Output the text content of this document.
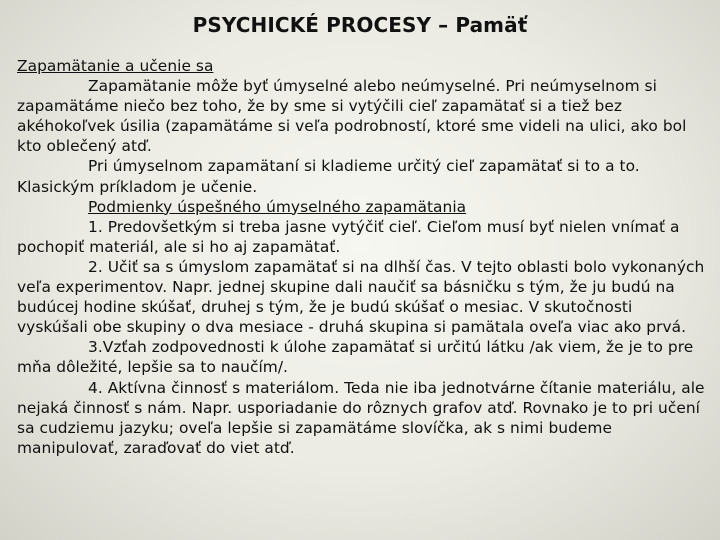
PSYCHICKÉ PROCESY – Pamäť

Zapamätanie a učenie sa

Zapamätanie môže byť úmyselné alebo neúmyselné. Pri neúmyselnom si zapamätáme niečo bez toho, že by sme si vytýčili cieľ zapamätať si a tiež bez akéhokoľvek úsilia (zapamätáme si veľa podrobností, ktoré sme videli na ulici, ako bol kto oblečený atď.

Pri úmyselnom zapamätaní si kladieme určitý cieľ zapamätať si to a to. Klasickým príkladom je učenie.

Podmienky úspešného úmyselného zapamätania

1. Predovšetkým si treba jasne vytýčiť cieľ. Cieľom musí byť nielen vnímať a pochopiť materiál, ale si ho aj zapamätať.

2. Učiť sa s úmyslom zapamätať si na dlhší čas. V tejto oblasti bolo vykonaných veľa experimentov. Napr. jednej skupine dali naučiť sa básničku s tým, že ju budú na budúcej hodine skúšať, druhej s tým, že je budú skúšať o mesiac. V skutočnosti vyskúšali obe skupiny o dva mesiace - druhá skupina si pamätala oveľa viac ako prvá.

3.Vzťah zodpovednosti k úlohe zapamätať si určitú látku /ak viem, že je to pre mňa dôležité, lepšie sa to naučím/.

4. Aktívna činnosť s materiálom. Teda nie iba jednotvárne čítanie materiálu, ale nejaká činnosť s nám. Napr. usporiadanie do rôznych grafov atď. Rovnako je to pri učení sa cudziemu jazyku; oveľa lepšie si zapamätáme slovíčka, ak s nimi budeme manipulovať, zaraďovať do viet atď.
